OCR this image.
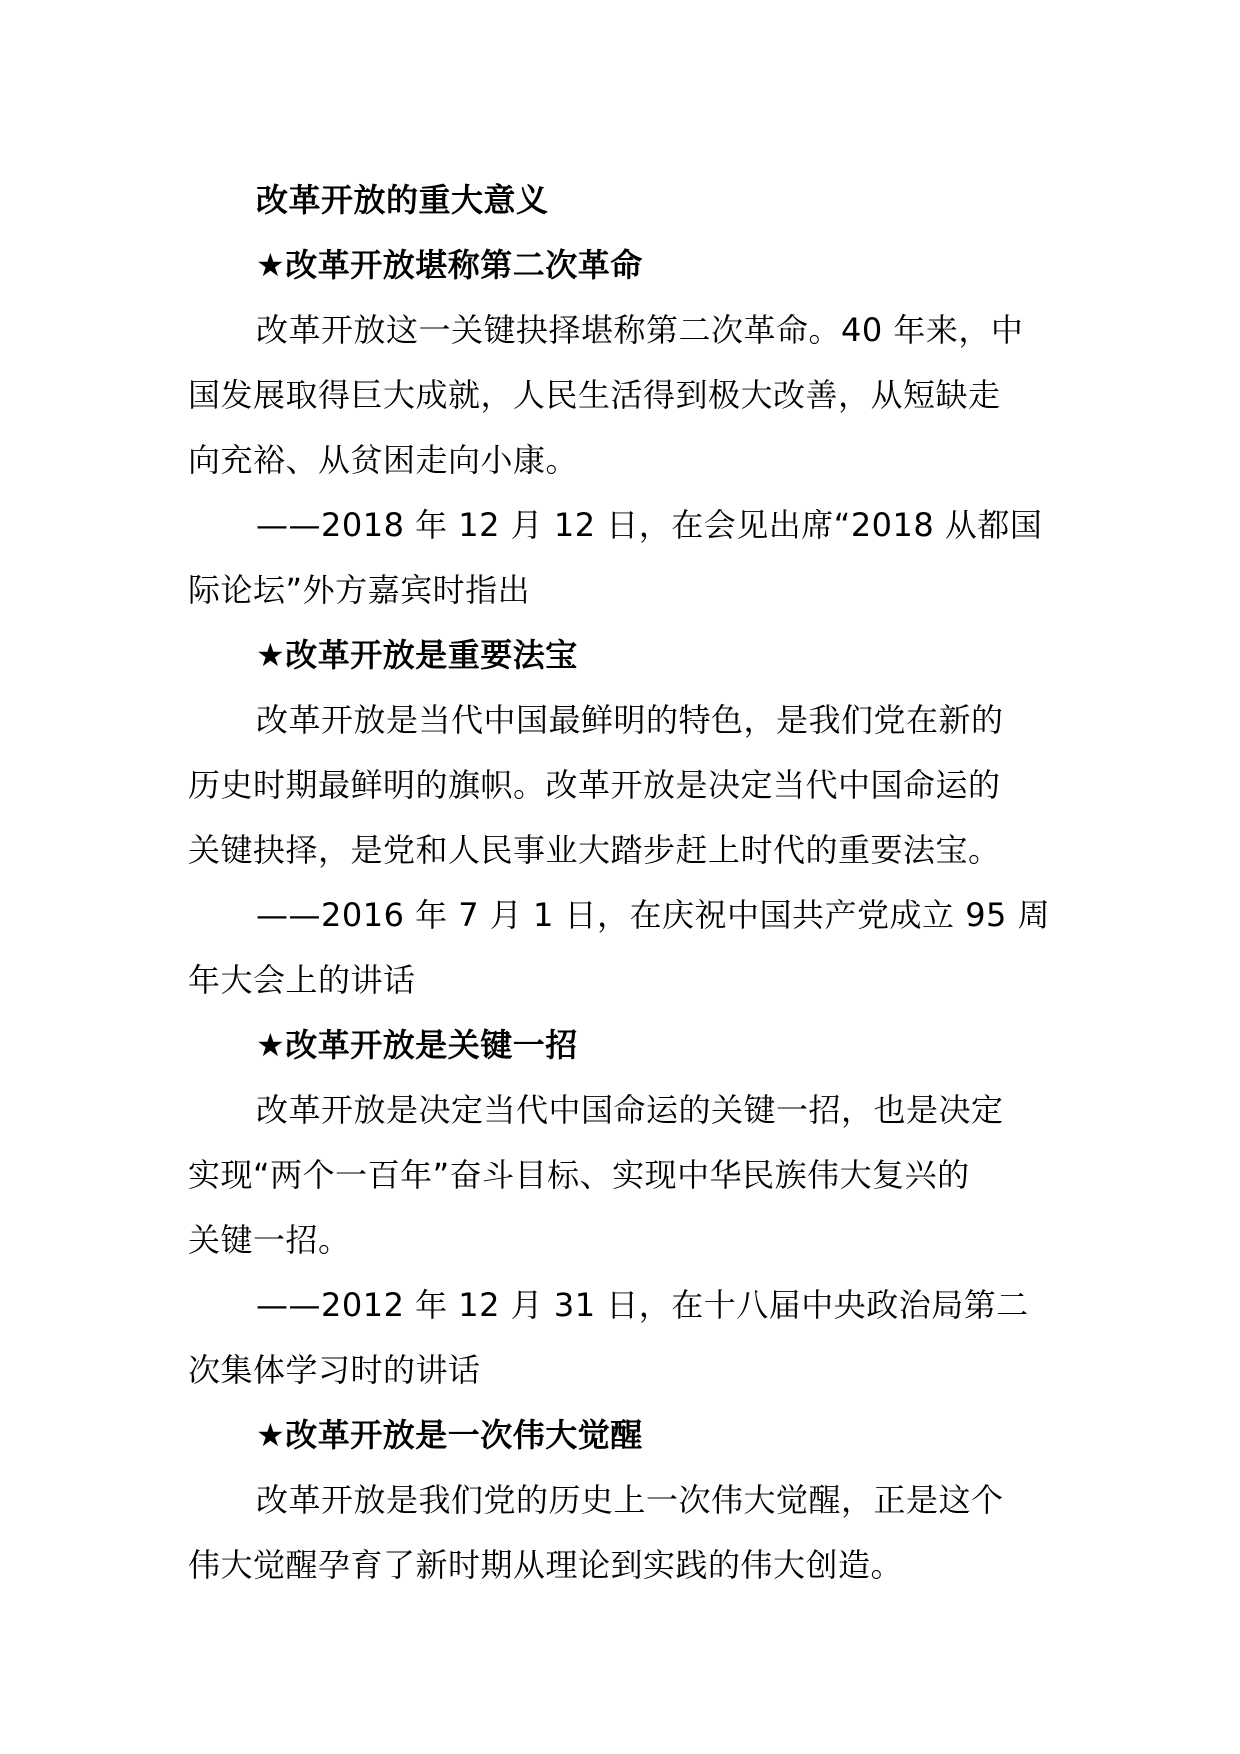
改革开放的重大意义
★改革开放堪称第二次革命
改革开放这一关键抉择堪称第二次革命。40 年来，中
国发展取得巨大成就，人民生活得到极大改善，从短缺走
向充裕、从贫困走向小康。
——2018 年 12 月 12 日，在会见出席“2018 从都国
际论坛”外方嘉宾时指出
★改革开放是重要法宝
改革开放是当代中国最鲜明的特色，是我们党在新的
历史时期最鲜明的旗帜。改革开放是决定当代中国命运的
关键抉择，是党和人民事业大踏步赶上时代的重要法宝。
——2016 年 7 月 1 日，在庆祝中国共产党成立 95 周
年大会上的讲话
★改革开放是关键一招
改革开放是决定当代中国命运的关键一招，也是决定
实现“两个一百年”奋斗目标、实现中华民族伟大复兴的
关键一招。
——2012 年 12 月 31 日，在十八届中央政治局第二
次集体学习时的讲话
★改革开放是一次伟大觉醒
改革开放是我们党的历史上一次伟大觉醒，正是这个
伟大觉醒孕育了新时期从理论到实践的伟大创造。
